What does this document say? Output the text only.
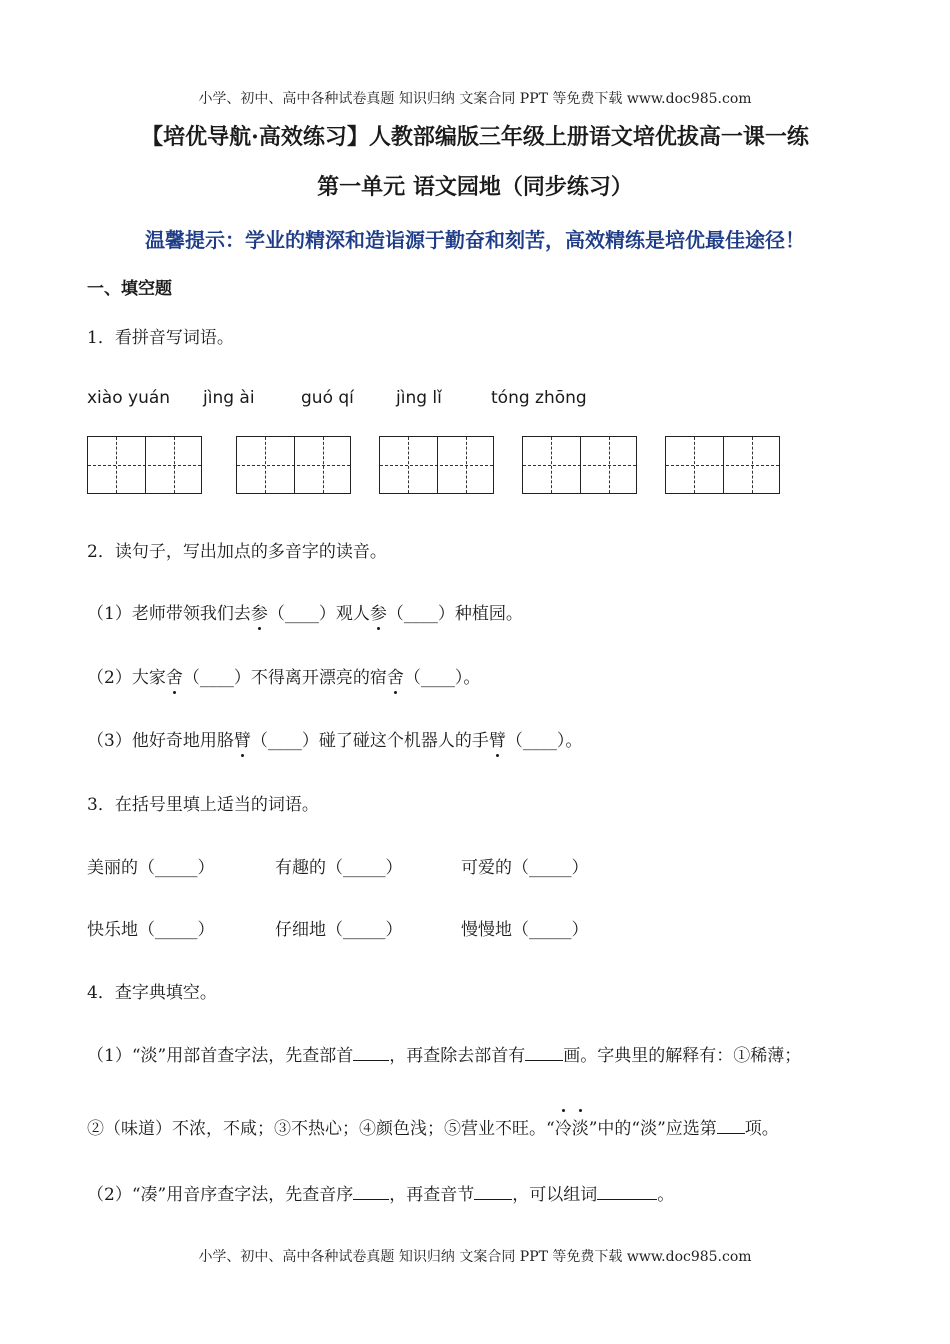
小学、初中、高中各种试卷真题 知识归纳 文案合同 PPT 等免费下载 www.doc985.com
【培优导航·高效练习】人教部编版三年级上册语文培优拔高一课一练
第一单元 语文园地（同步练习）
温馨提示：学业的精深和造诣源于勤奋和刻苦，高效精练是培优最佳途径！
一、填空题
1．看拼音写词语。
xiào yuán jìng ài	guó qí jìng lǐ	tóng zhōng
2．读句子，写出加点的多音字的读音。
（1）老师带领我们去参（____）观人参（____）种植园。
（2）大家舍（____）不得离开漂亮的宿舍（____）。
（3）他好奇地用胳臂（____）碰了碰这个机器人的手臂（____）。
3．在括号里填上适当的词语。
美丽的（_____）	有趣的（_____）	可爱的（_____）
快乐地（_____）	仔细地（_____）	慢慢地（_____）
4．查字典填空。
（1）“淡”用部首查字法，先查部首 ，再查除去部首有 画。字典里的解释有：①稀薄；
②（味道）不浓，不咸；③不热心；④颜色浅；⑤营业不旺。“冷淡”中的“淡”应选第 项。
（2）“凑”用音序查字法，先查音序 ，再查音节 ，可以组词	。
小学、初中、高中各种试卷真题 知识归纳 文案合同 PPT 等免费下载 www.doc985.com
